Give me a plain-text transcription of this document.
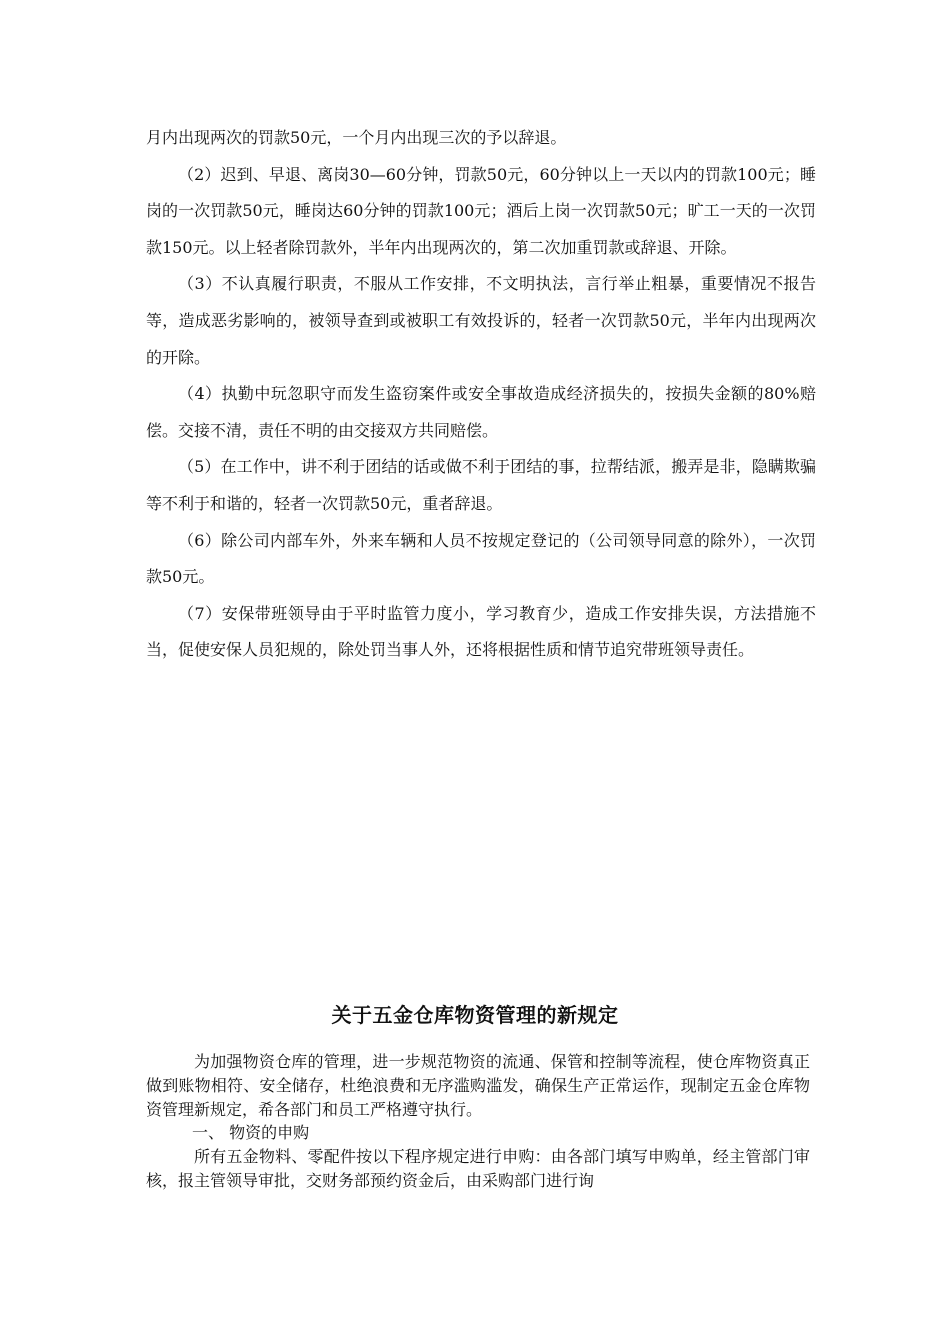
月内出现两次的罚款50元，一个月内出现三次的予以辞退。

（2）迟到、早退、离岗30—60分钟，罚款50元，60分钟以上一天以内的罚款100元；睡岗的一次罚款50元，睡岗达60分钟的罚款100元；酒后上岗一次罚款50元；旷工一天的一次罚款150元。以上轻者除罚款外，半年内出现两次的，第二次加重罚款或辞退、开除。

（3）不认真履行职责，不服从工作安排，不文明执法，言行举止粗暴，重要情况不报告等，造成恶劣影响的，被领导查到或被职工有效投诉的，轻者一次罚款50元，半年内出现两次的开除。

（4）执勤中玩忽职守而发生盗窃案件或安全事故造成经济损失的，按损失金额的80%赔偿。交接不清，责任不明的由交接双方共同赔偿。

（5）在工作中，讲不利于团结的话或做不利于团结的事，拉帮结派，搬弄是非，隐瞒欺骗等不利于和谐的，轻者一次罚款50元，重者辞退。

（6）除公司内部车外，外来车辆和人员不按规定登记的（公司领导同意的除外），一次罚款50元。

（7）安保带班领导由于平时监管力度小，学习教育少，造成工作安排失误，方法措施不当，促使安保人员犯规的，除处罚当事人外，还将根据性质和情节追究带班领导责任。

关于五金仓库物资管理的新规定

为加强物资仓库的管理，进一步规范物资的流通、保管和控制等流程，使仓库物资真正做到账物相符、安全储存，杜绝浪费和无序滥购滥发，确保生产正常运作，现制定五金仓库物资管理新规定，希各部门和员工严格遵守执行。

一、 物资的申购

所有五金物料、零配件按以下程序规定进行申购：由各部门填写申购单，经主管部门审核，报主管领导审批，交财务部预约资金后，由采购部门进行询
